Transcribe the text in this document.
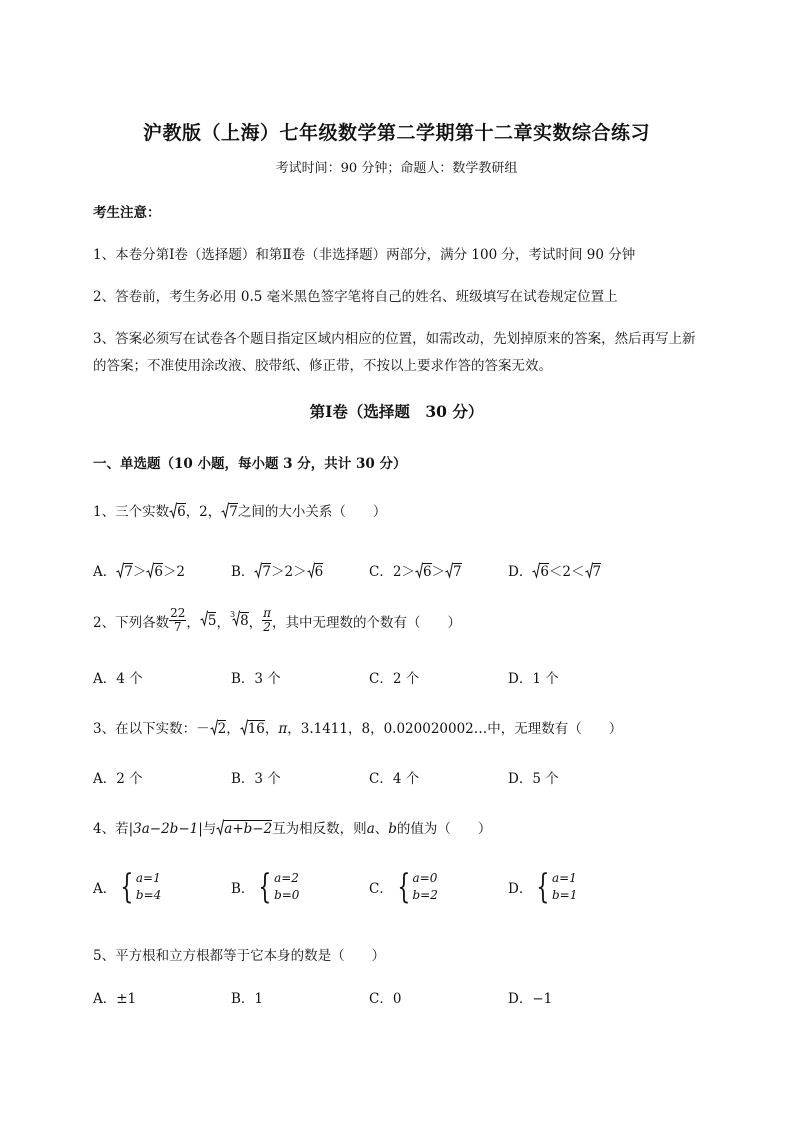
沪教版（上海）七年级数学第二学期第十二章实数综合练习
考试时间：90 分钟；命题人：数学教研组
考生注意：
1、本卷分第Ⅰ卷（选择题）和第Ⅱ卷（非选择题）两部分，满分 100 分，考试时间 90 分钟
2、答卷前，考生务必用 0.5 毫米黑色签字笔将自己的姓名、班级填写在试卷规定位置上
3、答案必须写在试卷各个题目指定区域内相应的位置，如需改动，先划掉原来的答案，然后再写上新
的答案；不准使用涂改液、胶带纸、修正带，不按以上要求作答的答案无效。
第Ⅰ卷（选择题　30 分）
一、单选题（10 小题，每小题 3 分，共计 30 分）
1、三个实数 6，2， 7之间的大小关系（　　）
A． 7＞ 6＞2	B． 7＞2＞ 6	C．2＞ 6＞ 7	D． 6＜2＜ 7
2、下列各数 $\frac{22}{7}$ ， 5 ， 3 8 ， $\frac{\pi}{2}$ ，其中无理数的个数有（　　）
A．4 个	B．3 个	C．2 个	D．1 个
3、在以下实数：－ 2， 16，π，3.1411，8，0.020020002…中，无理数有（　　）
A．2 个	B．3 个	C．4 个	D．5 个
4、若|3a−2b−1|与 a+b−2互为相反数，则a、b的值为（　　）
A． { a=1
b=4	B． { a=2
b=0	C． { a=0
b=2	D． { a=1
b=1
5、平方根和立方根都等于它本身的数是（　　）
A．±1	B．1	C．0	D．−1
